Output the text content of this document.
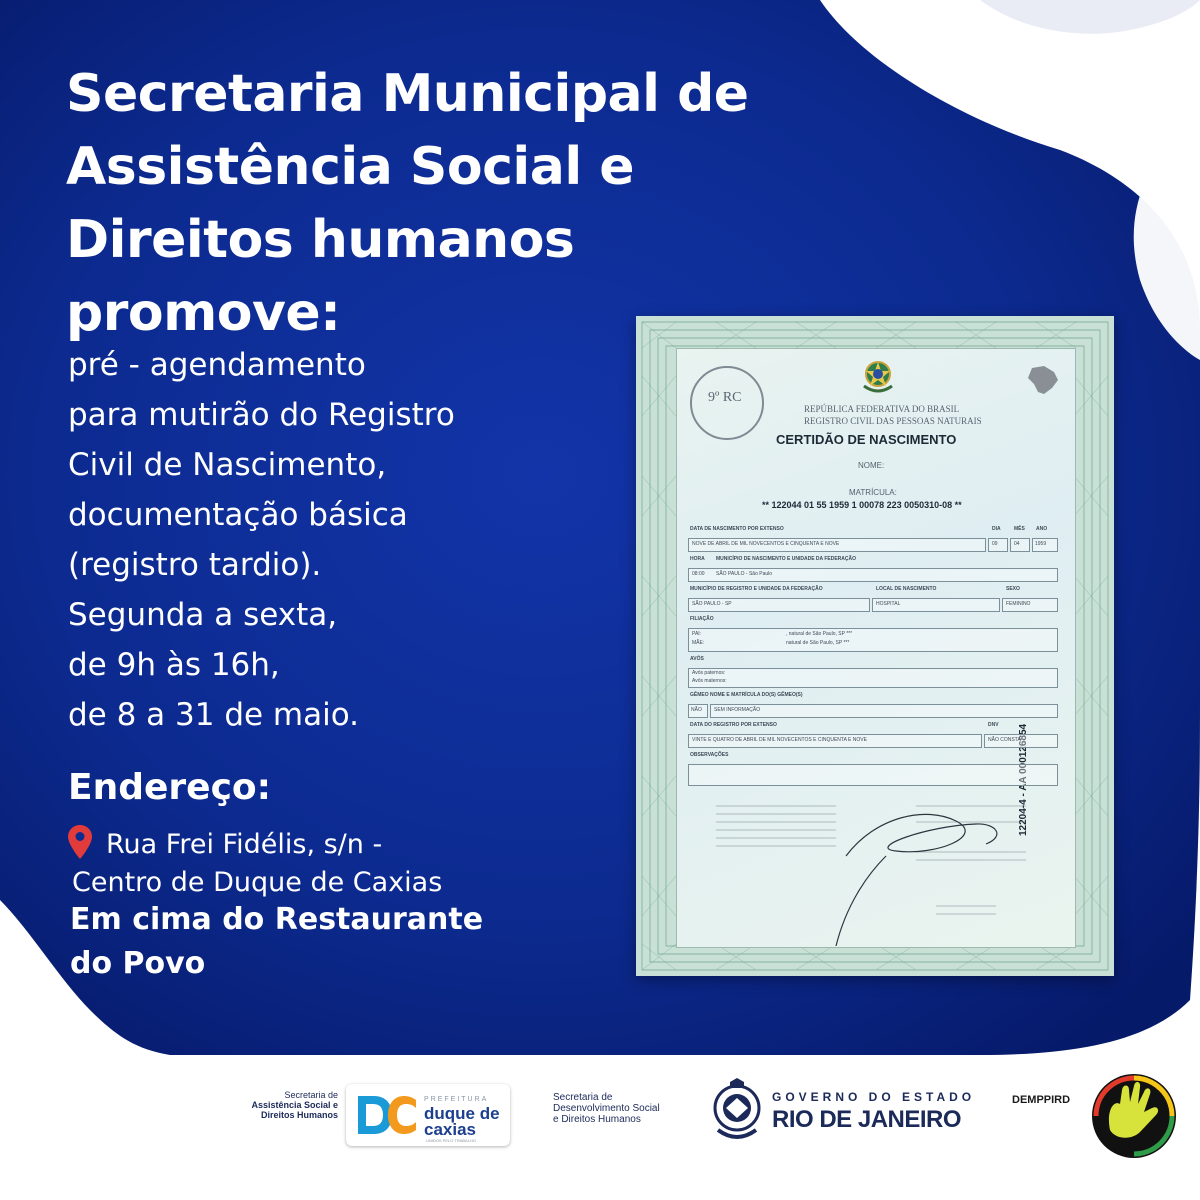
Secretaria Municipal de
Assistência Social e
Direitos humanos
promove:
pré - agendamento
para mutirão do Registro
Civil de Nascimento,
documentação básica
(registro tardio).
Segunda a sexta,
de 9h às 16h,
de 8 a 31 de maio.
Endereço:
Rua Frei Fidélis, s/n -
Centro de Duque de Caxias
Em cima do Restaurante
do Povo
9º RC
REPÚBLICA FEDERATIVA DO BRASIL
REGISTRO CIVIL DAS PESSOAS NATURAIS
CERTIDÃO DE NASCIMENTO
NOME:
MATRÍCULA:
** 122044 01 55 1959 1 00078 223 0050310-08 **
12204-4 - AA 000126854
DATA DE NASCIMENTO POR EXTENSO	DIA	MÊS ANO
NOVE DE ABRIL DE MIL NOVECENTOS E CINQUENTA E NOVE	09	04	1959
HORA MUNICÍPIO DE NASCIMENTO E UNIDADE DA FEDERAÇÃO
08:00 SÃO PAULO - São Paulo
MUNICÍPIO DE REGISTRO E UNIDADE DA FEDERAÇÃO	LOCAL DE NASCIMENTO	SEXO
SÃO PAULO - SP	HOSPITAL	FEMININO
FILIAÇÃO
PAI:	, natural de São Paulo, SP ***
MÃE:	natural de São Paulo, SP ***
AVÓS
Avós paternos:
Avós maternos:
GÊMEO NOME E MATRÍCULA DO(S) GÊMEO(S)
NÃO SEM INFORMAÇÃO
DATA DO REGISTRO POR EXTENSO	DNV
VINTE E QUATRO DE ABRIL DE MIL NOVECENTOS E CINQUENTA E NOVE	NÃO CONSTA
OBSERVAÇÕES
Secretaria de
Assistência Social e
Direitos Humanos
PREFEITURA
duque de
caxias
UNIDOS PELO TRABALHO
Secretaria de
Desenvolvimento Social
e Direitos Humanos
GOVERNO DO ESTADO
RIO DE JANEIRO
DEMPPIRD
